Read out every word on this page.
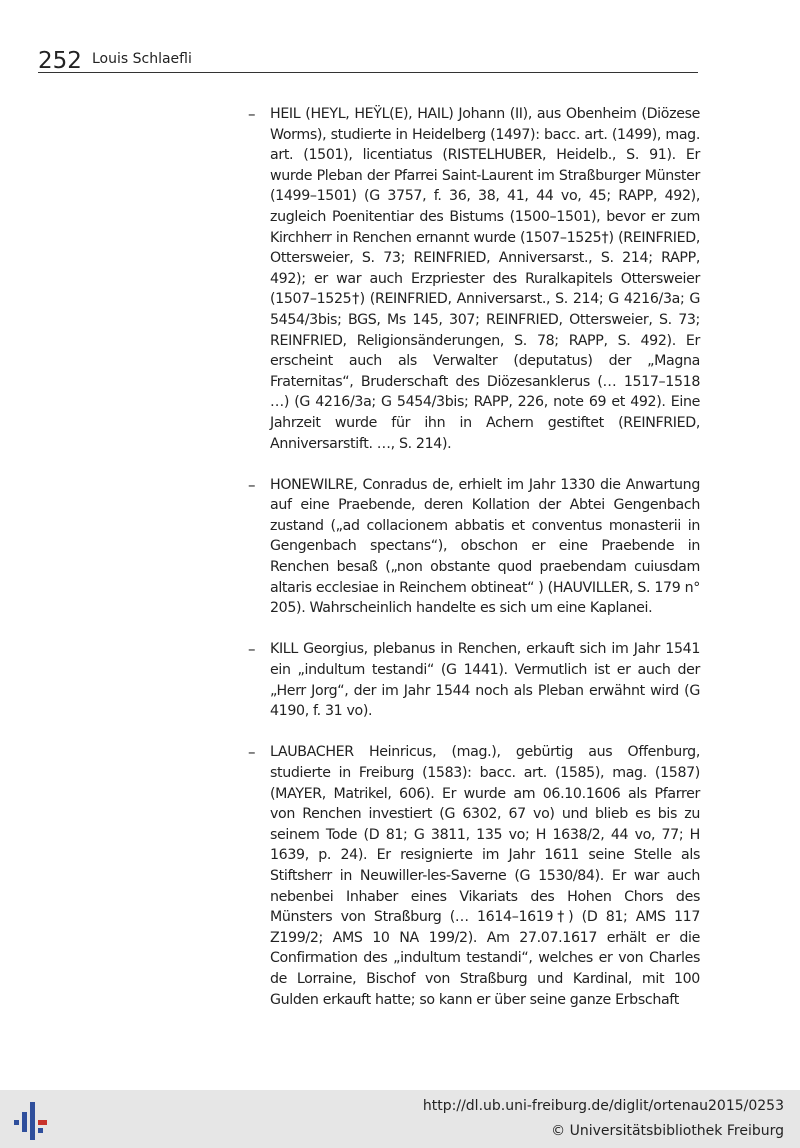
252 Louis Schlaefli
–	HEIL (HEYL, HEŸL(E), HAIL) Johann (II), aus Obenheim (Diözese Worms), studierte in Heidelberg (1497): bacc. art. (1499), mag. art. (1501), licentiatus (RISTELHUBER, Heidelb., S. 91). Er wurde Pleban der Pfarrei Saint-Laurent im Straßburger Münster (1499–1501) (G 3757, f. 36, 38, 41, 44 vo, 45; RAPP, 492), zugleich Poenitentiar des Bistums (1500–1501), bevor er zum Kirchherr in Renchen ernannt wurde (1507–1525†) (REINFRIED, Ottersweier, S. 73; REINFRIED, Anniversarst., S. 214; RAPP, 492); er war auch Erzpriester des Ruralkapitels Ottersweier (1507–1525†) (REINFRIED, Anniversarst., S. 214; G 4216/3a; G 5454/3bis; BGS, Ms 145, 307; REINFRIED, Ottersweier, S. 73; REINFRIED, Religionsänderungen, S. 78; RAPP, S. 492). Er erscheint auch als Verwalter (deputatus) der „Magna Fraternitas“, Bruderschaft des Diözesanklerus (… 1517–1518 …) (G 4216/3a; G 5454/3bis; RAPP, 226, note 69 et 492). Eine Jahrzeit wurde für ihn in Achern gestiftet (REINFRIED, Anniversarstift. …, S. 214).

–	HONEWILRE, Conradus de, erhielt im Jahr 1330 die Anwartung auf eine Praebende, deren Kollation der Abtei Gengenbach zustand („ad collacionem abbatis et conventus monasterii in Gengenbach spectans“), obschon er eine Praebende in Renchen besaß („non obstante quod praebendam cuiusdam altaris ecclesiae in Reinchem obtineat“ ) (HAUVILLER, S. 179 n° 205). Wahrscheinlich handelte es sich um eine Kaplanei.

–	KILL Georgius, plebanus in Renchen, erkauft sich im Jahr 1541 ein „indultum testandi“ (G 1441). Vermutlich ist er auch der „Herr Jorg“, der im Jahr 1544 noch als Pleban erwähnt wird (G 4190, f. 31 vo).

–	LAUBACHER Heinricus, (mag.), gebürtig aus Offenburg, studierte in Freiburg (1583): bacc. art. (1585), mag. (1587) (MAYER, Matrikel, 606). Er wurde am 06.10.1606 als Pfarrer von Renchen investiert (G 6302, 67 vo) und blieb es bis zu seinem Tode (D 81; G 3811, 135 vo; H 1638/2, 44 vo, 77; H 1639, p. 24). Er resignierte im Jahr 1611 seine Stelle als Stiftsherr in Neuwiller-les-Saverne (G 1530/84). Er war auch nebenbei Inhaber eines Vikariats des Hohen Chors des Münsters von Straßburg (… 1614–1619†) (D 81; AMS 117 Z199/2; AMS 10 NA 199/2). Am 27.07.1617 erhält er die Confirmation des „indultum testandi“, welches er von Charles de Lorraine, Bischof von Straßburg und Kardinal, mit 100 Gulden erkauft hatte; so kann er über seine ganze Erbschaft

http://dl.ub.uni-freiburg.de/diglit/ortenau2015/0253
© Universitätsbibliothek Freiburg
